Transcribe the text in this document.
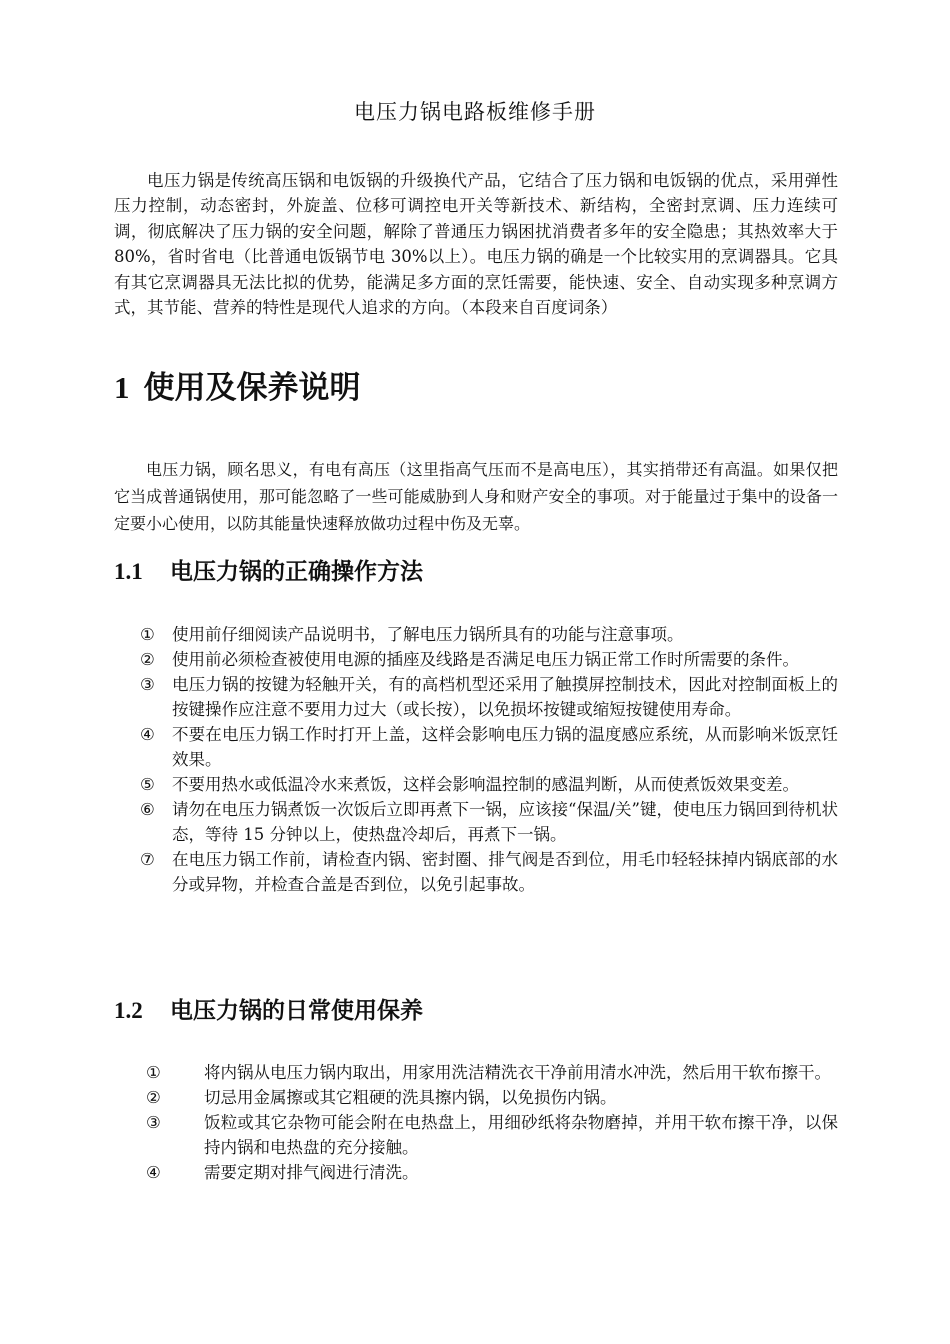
电压力锅电路板维修手册

电压力锅是传统高压锅和电饭锅的升级换代产品，它结合了压力锅和电饭锅的优点，采用弹性压力控制，动态密封，外旋盖、位移可调控电开关等新技术、新结构，全密封烹调、压力连续可调，彻底解决了压力锅的安全问题，解除了普通压力锅困扰消费者多年的安全隐患；其热效率大于 80%，省时省电（比普通电饭锅节电 30%以上）。电压力锅的确是一个比较实用的烹调器具。它具有其它烹调器具无法比拟的优势，能满足多方面的烹饪需要，能快速、安全、自动实现多种烹调方式，其节能、营养的特性是现代人追求的方向。（本段来自百度词条）

1 使用及保养说明

电压力锅，顾名思义，有电有高压（这里指高气压而不是高电压），其实捎带还有高温。如果仅把它当成普通锅使用，那可能忽略了一些可能威胁到人身和财产安全的事项。对于能量过于集中的设备一定要小心使用，以防其能量快速释放做功过程中伤及无辜。

1.1 电压力锅的正确操作方法
① 使用前仔细阅读产品说明书，了解电压力锅所具有的功能与注意事项。
② 使用前必须检查被使用电源的插座及线路是否满足电压力锅正常工作时所需要的条件。
③ 电压力锅的按键为轻触开关，有的高档机型还采用了触摸屏控制技术，因此对控制面板上的按键操作应注意不要用力过大（或长按），以免损坏按键或缩短按键使用寿命。
④ 不要在电压力锅工作时打开上盖，这样会影响电压力锅的温度感应系统，从而影响米饭烹饪效果。
⑤ 不要用热水或低温冷水来煮饭，这样会影响温控制的感温判断，从而使煮饭效果变差。
⑥ 请勿在电压力锅煮饭一次饭后立即再煮下一锅，应该接“保温/关”键，使电压力锅回到待机状态，等待 15 分钟以上，使热盘冷却后，再煮下一锅。
⑦ 在电压力锅工作前，请检查内锅、密封圈、排气阀是否到位，用毛巾轻轻抹掉内锅底部的水分或异物，并检查合盖是否到位，以免引起事故。
1.2 电压力锅的日常使用保养
①	将内锅从电压力锅内取出，用家用洗洁精洗衣干净前用清水冲洗，然后用干软布擦干。
②	切忌用金属擦或其它粗硬的洗具擦内锅，以免损伤内锅。
③	饭粒或其它杂物可能会附在电热盘上，用细砂纸将杂物磨掉，并用干软布擦干净，以保持内锅和电热盘的充分接触。
④	需要定期对排气阀进行清洗。
